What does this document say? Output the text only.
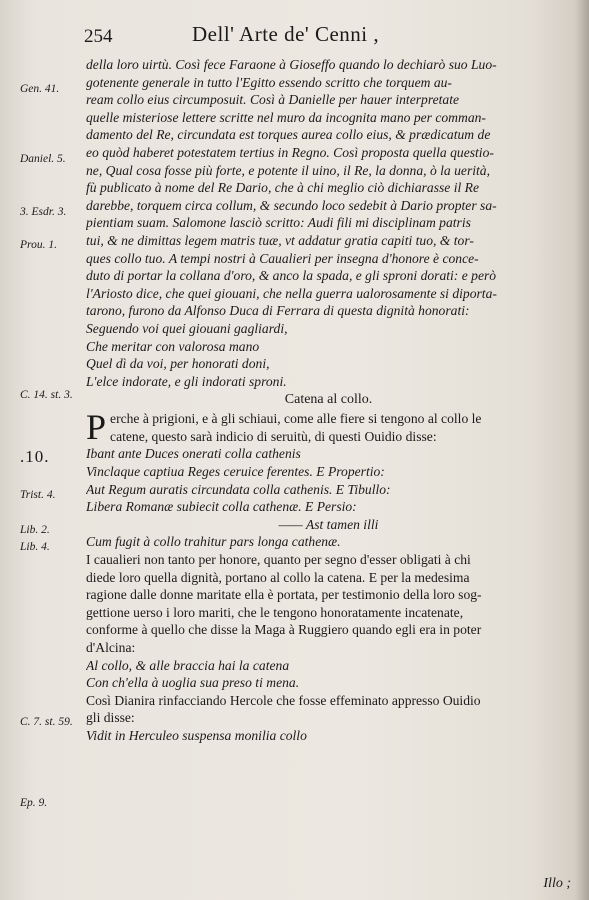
254	Dell' Arte de' Cenni ,
Gen. 41.
Daniel. 5.
3. Esdr. 3.
Prou. 1.
C. 14. st. 3.
.10.
Trist. 4.
Lib. 2.
Lib. 4.
C. 7. st. 59.
Ep. 9.
della loro uirtù. Così fece Faraone à Gioseffo quando lo dechiarò suo Luo-
gotenente generale in tutto l'Egitto essendo scritto che torquem au-
ream collo eius circumposuit. Così à Danielle per hauer interpretate
quelle misteriose lettere scritte nel muro da incognita mano per comman-
damento del Re, circundata est torques aurea collo eius, & prædicatum de
eo quòd haberet potestatem tertius in Regno. Così proposta quella questio-
ne, Qual cosa fosse più forte, e potente il uino, il Re, la donna, ò la uerità,
fù publicato à nome del Re Dario, che à chi meglio ciò dichiarasse il Re
darebbe, torquem circa collum, & secundo loco sedebit à Dario propter sa-
pientiam suam. Salomone lasciò scritto: Audi fili mi disciplinam patris
tui, & ne dimittas legem matris tuæ, vt addatur gratia capiti tuo, & tor-
ques collo tuo. A tempi nostri à Caualieri per insegna d'honore è conce-
duto di portar la collana d'oro, & anco la spada, e gli sproni dorati: e però
l'Ariosto dice, che quei giouani, che nella guerra ualorosamente si diporta-
tarono, furono da Alfonso Duca di Ferrara di questa dignità honorati:
Seguendo voi quei giouani gagliardi,
Che meritar con valorosa mano
Quel dì da voi, per honorati doni,
L'elce indorate, e gli indorati sproni.
Catena al collo.
P erche à prigioni, e à gli schiaui, come alle fiere si tengono al collo le
catene, questo sarà indicio di seruitù, di questi Ouidio disse:
Ibant ante Duces onerati colla cathenis
Vinclaque captiua Reges ceruice ferentes. E Propertio:
Aut Regum auratis circundata colla cathenis. E Tibullo:
Libera Romanæ subiecit colla cathenæ. E Persio:
—— Ast tamen illi
Cum fugit à collo trahitur pars longa cathenæ.
I caualieri non tanto per honore, quanto per segno d'esser obligati à chi
diede loro quella dignità, portano al collo la catena. E per la medesima
ragione dalle donne maritate ella è portata, per testimonio della loro sog-
gettione uerso i loro mariti, che le tengono honoratamente incatenate,
conforme à quello che disse la Maga à Ruggiero quando egli era in poter
d'Alcina:
Al collo, & alle braccia hai la catena
Con ch'ella à uoglia sua preso ti mena.
Così Dianira rinfacciando Hercole che fosse effeminato appresso Ouidio
gli disse:
Vidit in Herculeo suspensa monilia collo
Illo ;
